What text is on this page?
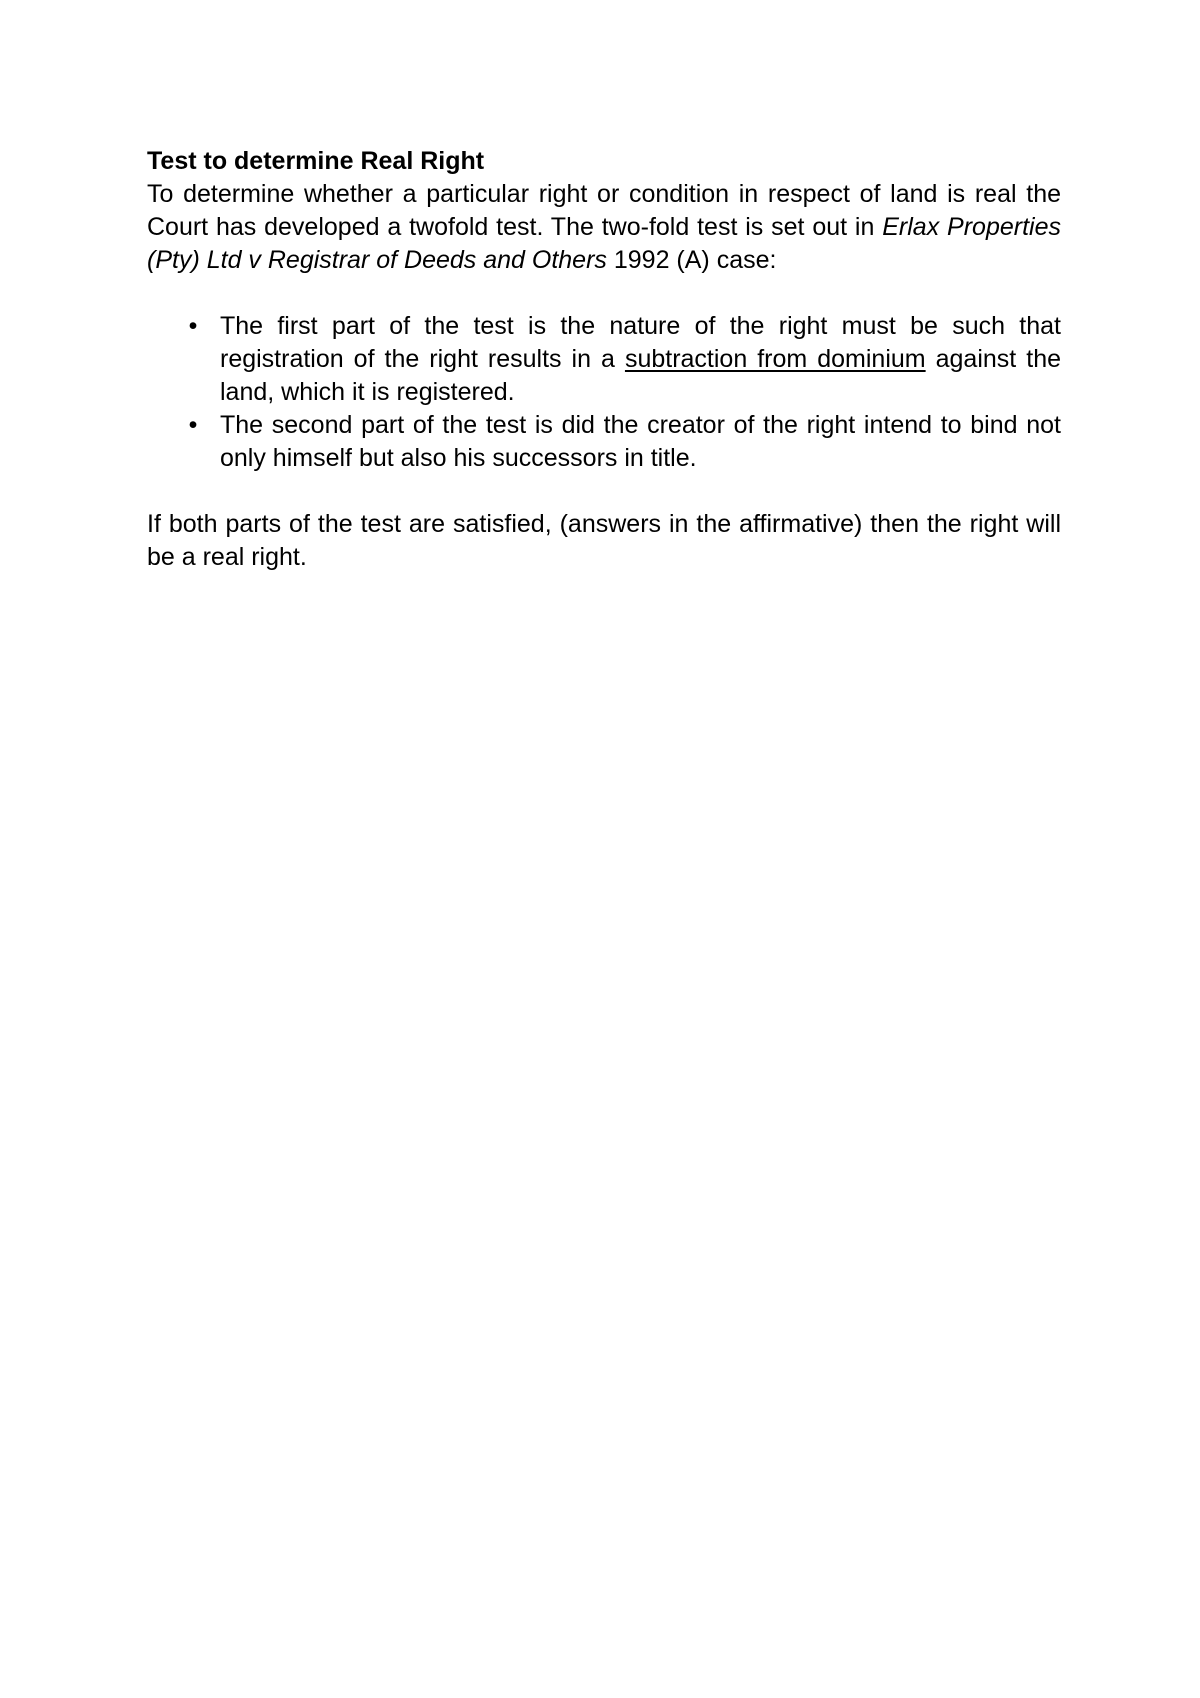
Test to determine Real Right

To determine whether a particular right or condition in respect of land is real the Court has developed a twofold test. The two-fold test is set out in Erlax Properties (Pty) Ltd v Registrar of Deeds and Others 1992 (A) case:

• The first part of the test is the nature of the right must be such that registration of the right results in a subtraction from dominium against the land, which it is registered.
• The second part of the test is did the creator of the right intend to bind not only himself but also his successors in title.

If both parts of the test are satisfied, (answers in the affirmative) then the right will be a real right.
